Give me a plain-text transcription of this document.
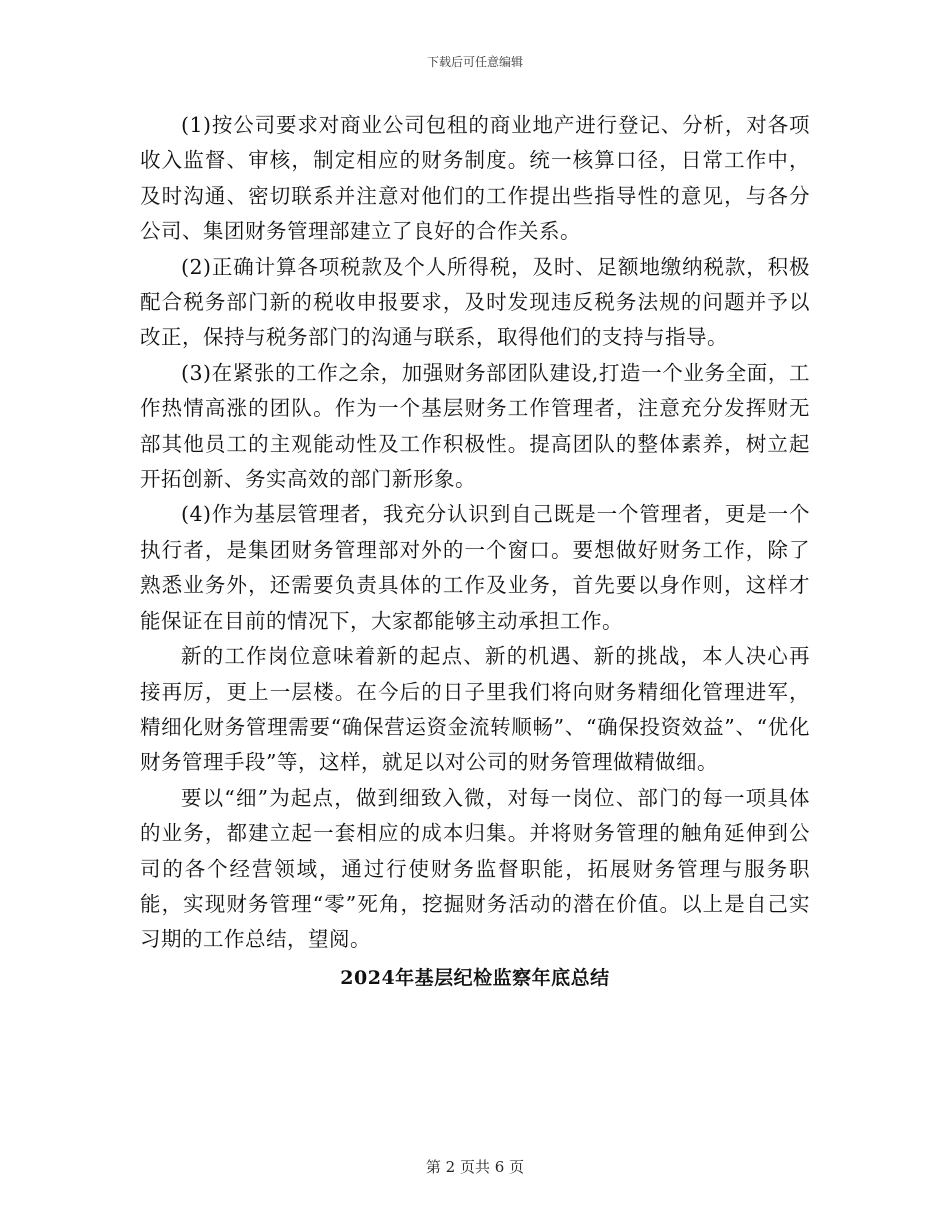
下载后可任意编辑

(1)按公司要求对商业公司包租的商业地产进行登记、分析，对各项收入监督、审核，制定相应的财务制度。统一核算口径，日常工作中，及时沟通、密切联系并注意对他们的工作提出些指导性的意见，与各分公司、集团财务管理部建立了良好的合作关系。

(2)正确计算各项税款及个人所得税，及时、足额地缴纳税款，积极配合税务部门新的税收申报要求，及时发现违反税务法规的问题并予以改正，保持与税务部门的沟通与联系，取得他们的支持与指导。

(3)在紧张的工作之余，加强财务部团队建设,打造一个业务全面，工作热情高涨的团队。作为一个基层财务工作管理者，注意充分发挥财无部其他员工的主观能动性及工作积极性。提高团队的整体素养，树立起开拓创新、务实高效的部门新形象。

(4)作为基层管理者，我充分认识到自己既是一个管理者，更是一个执行者，是集团财务管理部对外的一个窗口。要想做好财务工作，除了熟悉业务外，还需要负责具体的工作及业务，首先要以身作则，这样才能保证在目前的情况下，大家都能够主动承担工作。

新的工作岗位意味着新的起点、新的机遇、新的挑战，本人决心再接再厉，更上一层楼。在今后的日子里我们将向财务精细化管理进军，精细化财务管理需要“确保营运资金流转顺畅”、“确保投资效益”、“优化财务管理手段”等，这样，就足以对公司的财务管理做精做细。

要以“细”为起点，做到细致入微，对每一岗位、部门的每一项具体的业务，都建立起一套相应的成本归集。并将财务管理的触角延伸到公司的各个经营领域，通过行使财务监督职能，拓展财务管理与服务职能，实现财务管理“零”死角，挖掘财务活动的潜在价值。以上是自己实习期的工作总结，望阅。

2024年基层纪检监察年底总结

第 2 页共 6 页
